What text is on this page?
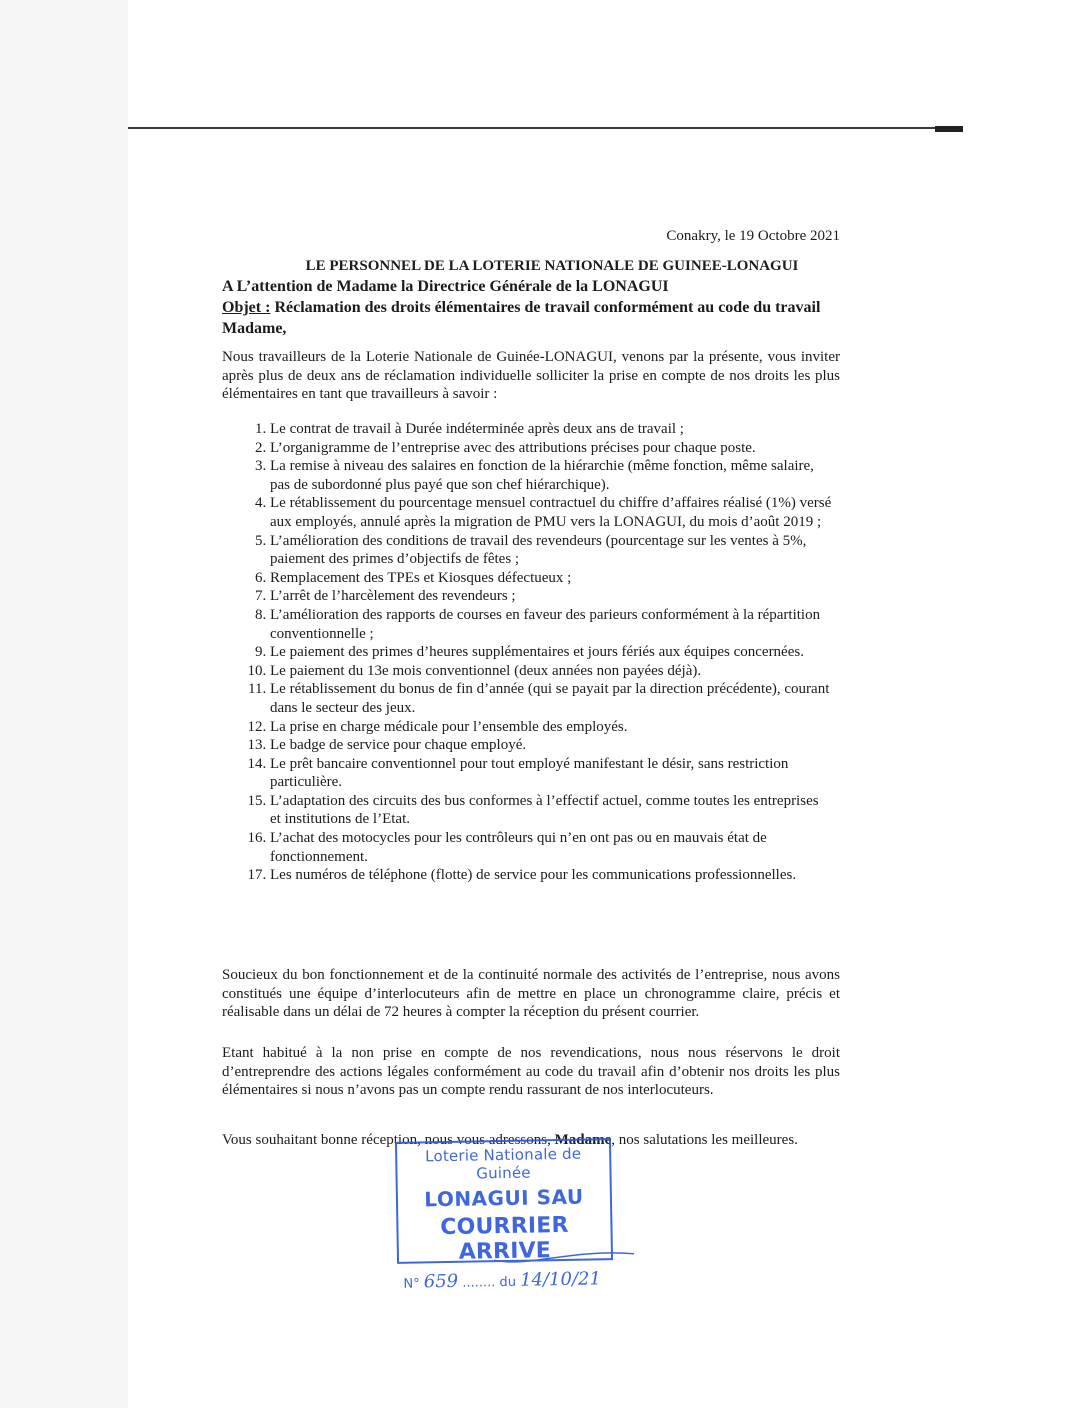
Conakry, le 19 Octobre 2021
LE PERSONNEL DE LA LOTERIE NATIONALE DE GUINEE-LONAGUI
A L’attention de Madame la Directrice Générale de la LONAGUI
Objet : Réclamation des droits élémentaires de travail conformément au code du travail
Madame,

Nous travailleurs de la Loterie Nationale de Guinée-LONAGUI, venons par la présente, vous inviter après plus de deux ans de réclamation individuelle solliciter la prise en compte de nos droits les plus élémentaires en tant que travailleurs à savoir :

1. Le contrat de travail à Durée indéterminée après deux ans de travail ;
2. L’organigramme de l’entreprise avec des attributions précises pour chaque poste.
3. La remise à niveau des salaires en fonction de la hiérarchie (même fonction, même salaire, pas de subordonné plus payé que son chef hiérarchique).
4. Le rétablissement du pourcentage mensuel contractuel du chiffre d’affaires réalisé (1%) versé aux employés, annulé après la migration de PMU vers la LONAGUI, du mois d’août 2019 ;
5. L’amélioration des conditions de travail des revendeurs (pourcentage sur les ventes à 5%, paiement des primes d’objectifs de fêtes ;
6. Remplacement des TPEs et Kiosques défectueux ;
7. L’arrêt de l’harcèlement des revendeurs ;
8. L’amélioration des rapports de courses en faveur des parieurs conformément à la répartition conventionnelle ;
9. Le paiement des primes d’heures supplémentaires et jours fériés aux équipes concernées.
10. Le paiement du 13e mois conventionnel (deux années non payées déjà).
11. Le rétablissement du bonus de fin d’année (qui se payait par la direction précédente), courant dans le secteur des jeux.
12. La prise en charge médicale pour l’ensemble des employés.
13. Le badge de service pour chaque employé.
14. Le prêt bancaire conventionnel pour tout employé manifestant le désir, sans restriction particulière.
15. L’adaptation des circuits des bus conformes à l’effectif actuel, comme toutes les entreprises et institutions de l’Etat.
16. L’achat des motocycles pour les contrôleurs qui n’en ont pas ou en mauvais état de fonctionnement.
17. Les numéros de téléphone (flotte) de service pour les communications professionnelles.

Soucieux du bon fonctionnement et de la continuité normale des activités de l’entreprise, nous avons constitués une équipe d’interlocuteurs afin de mettre en place un chronogramme claire, précis et réalisable dans un délai de 72 heures à compter la réception du présent courrier.

Etant habitué à la non prise en compte de nos revendications, nous nous réservons le droit d’entreprendre des actions légales conformément au code du travail afin d’obtenir nos droits les plus élémentaires si nous n’avons pas un compte rendu rassurant de nos interlocuteurs.

Vous souhaitant bonne réception, nous vous adressons, Madame, nos salutations les meilleures.

Loterie Nationale de Guinée
LONAGUI SAU
COURRIER ARRIVE
N° 659 ........ du 14/10/21
